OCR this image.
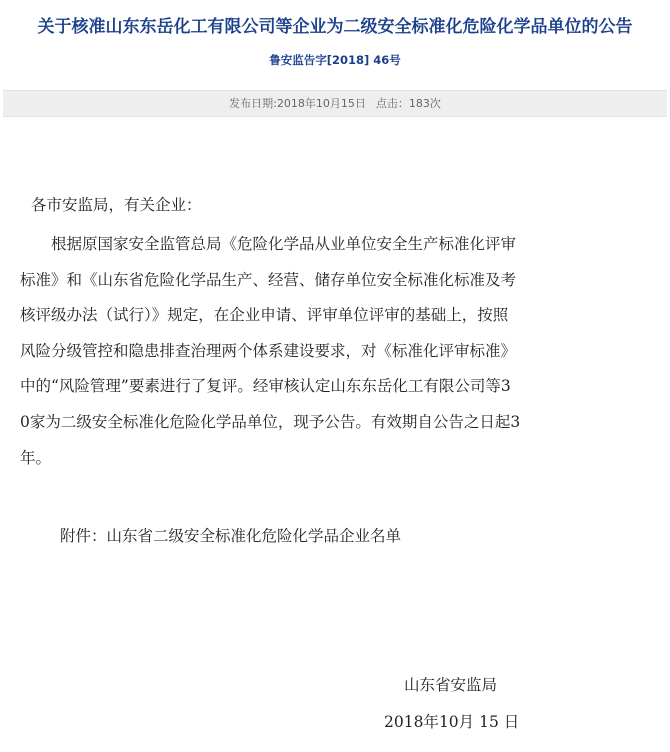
关于核准山东东岳化工有限公司等企业为二级安全标准化危险化学品单位的公告
鲁安监告字[2018] 46号
发布日期:2018年10月15日 点击：183次
各市安监局，有关企业：
　　根据原国家安全监管总局《危险化学品从业单位安全生产标准化评审
标准》和《山东省危险化学品生产、经营、储存单位安全标准化标准及考
核评级办法（试行）》规定，在企业申请、评审单位评审的基础上，按照
风险分级管控和隐患排查治理两个体系建设要求，对《标准化评审标准》
中的“风险管理”要素进行了复评。经审核认定山东东岳化工有限公司等3
0家为二级安全标准化危险化学品单位，现予公告。有效期自公告之日起3
年。
附件：山东省二级安全标准化危险化学品企业名单
山东省安监局
2018年10月 15 日
